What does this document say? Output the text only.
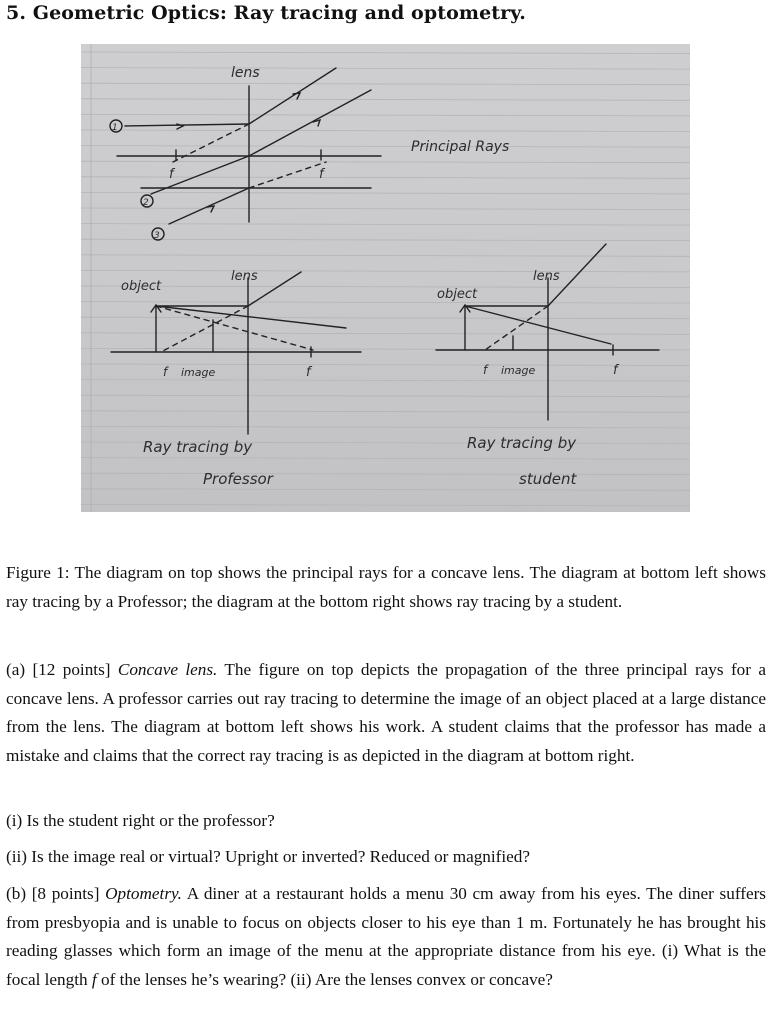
5. Geometric Optics: Ray tracing and optometry.
lens
Principal Rays
1
2
3
f	f
object
lens
f image	f
Ray tracing by
Professor
object
lens
f image	f
Ray tracing by
student
Figure 1: The diagram on top shows the principal rays for a concave lens. The diagram at bottom left shows ray tracing by a Professor; the diagram at the bottom right shows ray tracing by a student.
(a) [12 points] Concave lens. The figure on top depicts the propagation of the three principal rays for a concave lens. A professor carries out ray tracing to determine the image of an object placed at a large distance from the lens. The diagram at bottom left shows his work. A student claims that the professor has made a mistake and claims that the correct ray tracing is as depicted in the diagram at bottom right.
(i) Is the student right or the professor?
(ii) Is the image real or virtual? Upright or inverted? Reduced or magnified?
(b) [8 points] Optometry. A diner at a restaurant holds a menu 30 cm away from his eyes. The diner suffers from presbyopia and is unable to focus on objects closer to his eye than 1 m. Fortunately he has brought his reading glasses which form an image of the menu at the appropriate distance from his eye. (i) What is the focal length f of the lenses he’s wearing? (ii) Are the lenses convex or concave?
